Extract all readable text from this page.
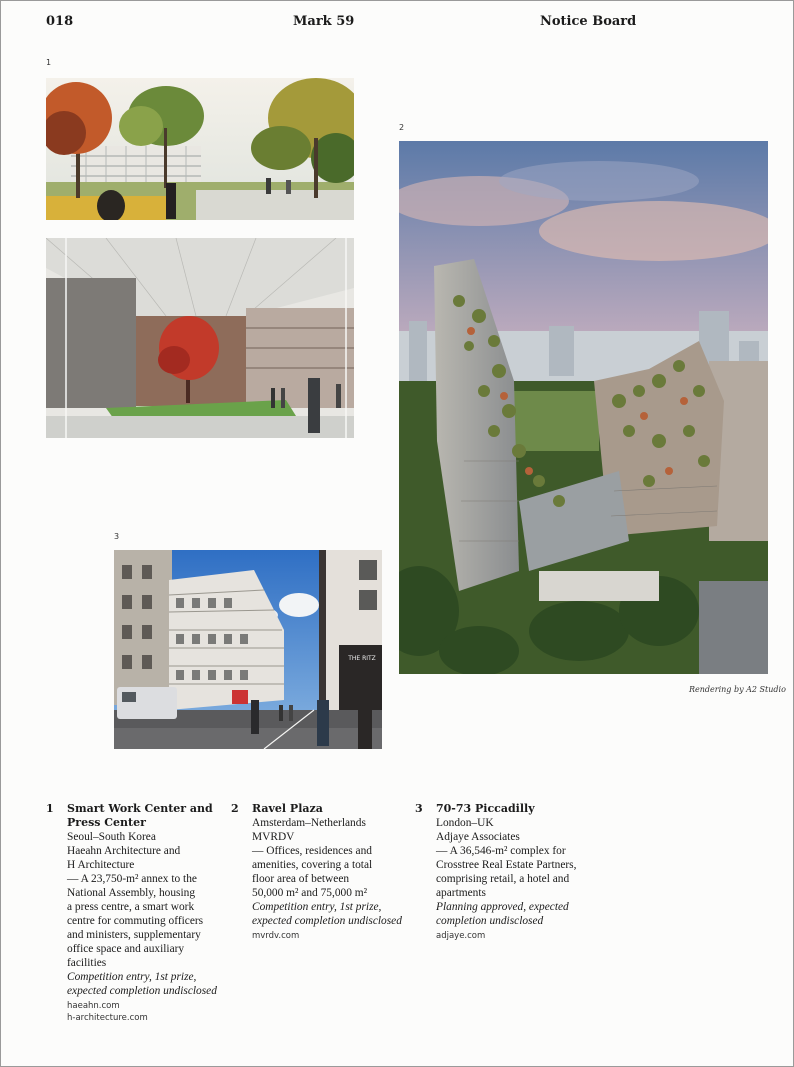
018	Mark 59	Notice Board
1
2
Rendering by A2 Studio
3
THE RITZ
1 Smart Work Center and
Press Center
Seoul–South Korea
Haeahn Architecture and
H Architecture
— A 23,750-m² annex to the
National Assembly, housing
a press centre, a smart work
centre for commuting officers
and ministers, supplementary
office space and auxiliary
facilities
Competition entry, 1st prize,
expected completion undisclosed
haeahn.com
h-architecture.com
2 Ravel Plaza
Amsterdam–Netherlands
MVRDV
— Offices, residences and
amenities, covering a total
floor area of between
50,000 m² and 75,000 m²
Competition entry, 1st prize,
expected completion undisclosed
mvrdv.com
3 70-73 Piccadilly
London–UK
Adjaye Associates
— A 36,546-m² complex for
Crosstree Real Estate Partners,
comprising retail, a hotel and
apartments
Planning approved, expected
completion undisclosed
adjaye.com
